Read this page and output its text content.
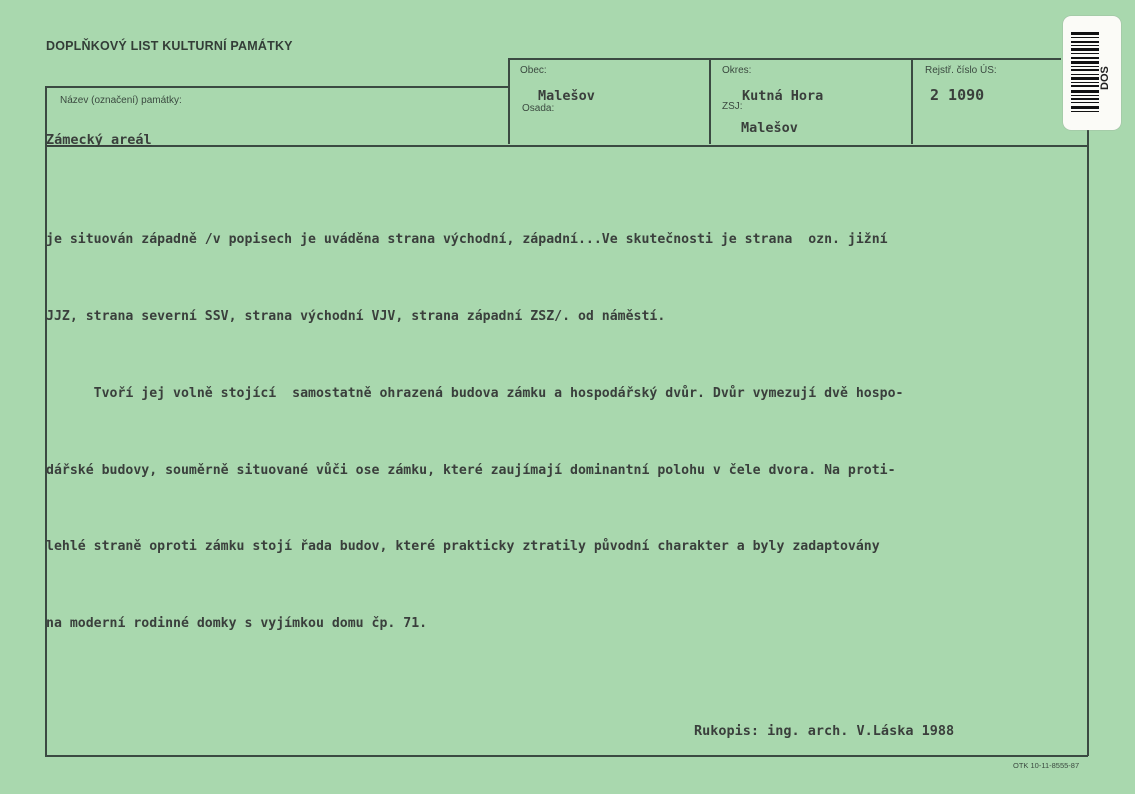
DOPLŇKOVÝ LIST KULTURNÍ PAMÁTKY
Obec:
Malešov
Osada:
Okres:
Kutná Hora
ZSJ:
Malešov
Rejstř. číslo ÚS:
2 1090
Název (označení) památky:
Zámecký areál

je situován západně /v popisech je uváděna strana východní, západní...Ve skutečnosti je strana  ozn. jižní

JJZ, strana severní SSV, strana východní VJV, strana západní ZSZ/. od náměstí.

Tvoří jej volně stojící  samostatně ohrazená budova zámku a hospodářský dvůr. Dvůr vymezují dvě hospo-

dářské budovy, souměrně situované vůči ose zámku, které zaujímají dominantní polohu v čele dvora. Na proti-

lehlé straně oproti zámku stojí řada budov, které prakticky ztratily původní charakter a byly zadaptovány

na moderní rodinné domky s vyjímkou domu čp. 71.

Rukopis: ing. arch. V.Láska 1988
OTK 10-11-8555-87
DOS
